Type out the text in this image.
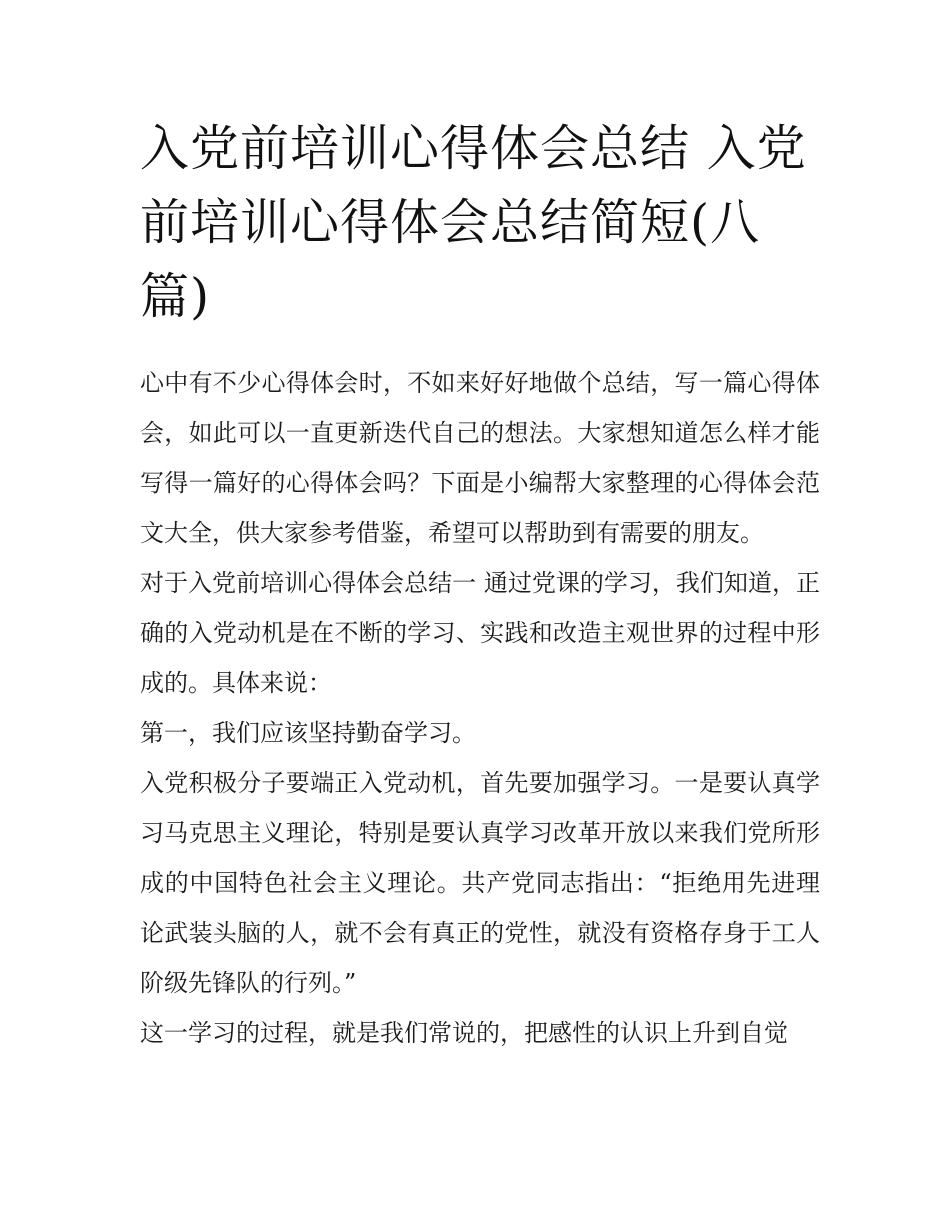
入党前培训心得体会总结 入党前培训心得体会总结简短(八篇)

心中有不少心得体会时，不如来好好地做个总结，写一篇心得体会，如此可以一直更新迭代自己的想法。大家想知道怎么样才能写得一篇好的心得体会吗？下面是小编帮大家整理的心得体会范文大全，供大家参考借鉴，希望可以帮助到有需要的朋友。

对于入党前培训心得体会总结一 通过党课的学习，我们知道，正确的入党动机是在不断的学习、实践和改造主观世界的过程中形成的。具体来说：

第一，我们应该坚持勤奋学习。

入党积极分子要端正入党动机，首先要加强学习。一是要认真学习马克思主义理论，特别是要认真学习改革开放以来我们党所形成的中国特色社会主义理论。共产党同志指出：“拒绝用先进理论武装头脑的人，就不会有真正的党性，就没有资格存身于工人阶级先锋队的行列。”

这一学习的过程，就是我们常说的，把感性的认识上升到自觉
